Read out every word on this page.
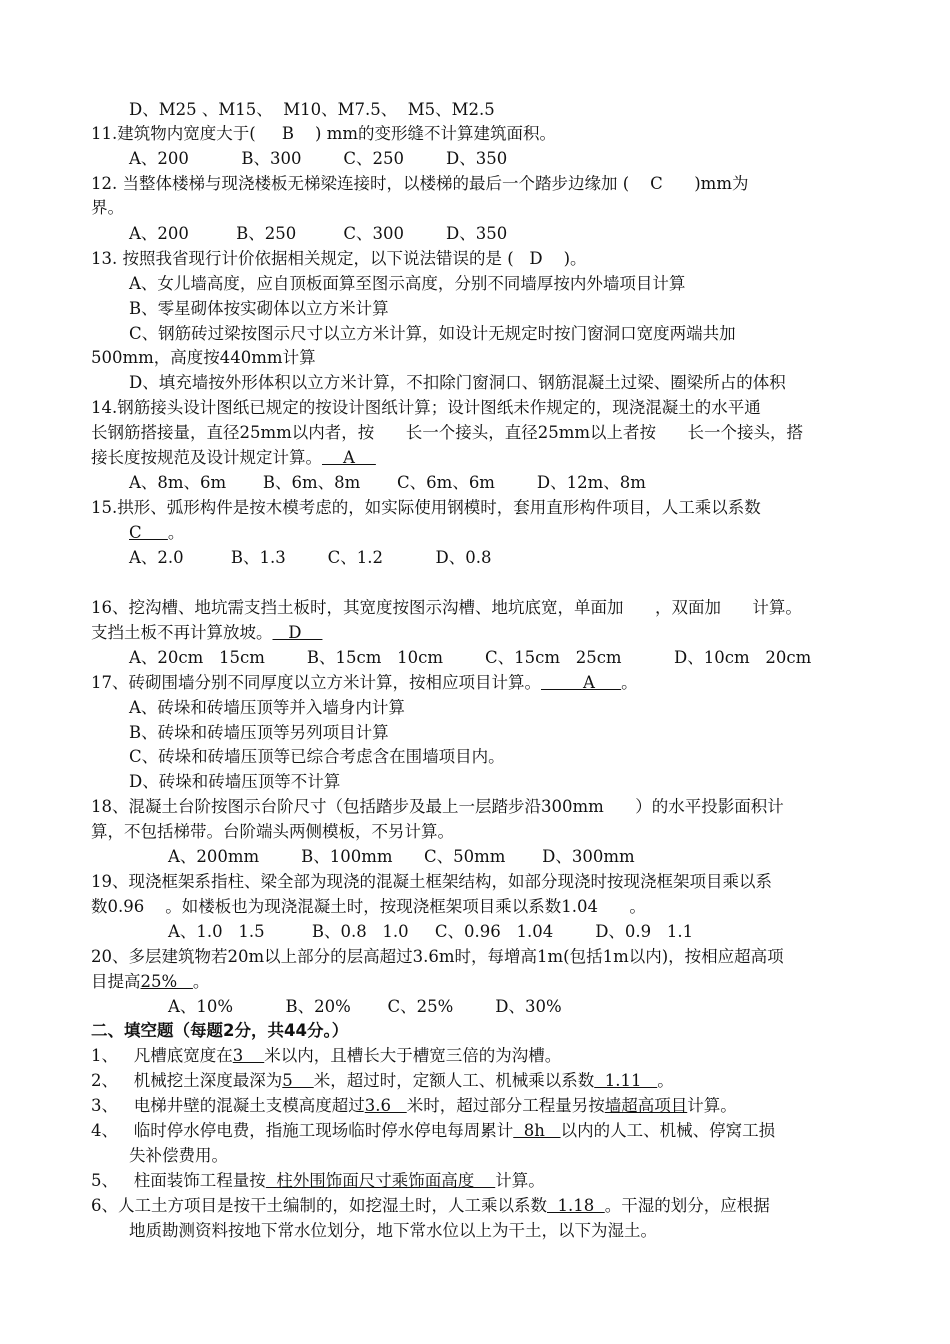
D、M25 、M15、  M10、M7.5、  M5、M2.5
11.建筑物内宽度大于(     B    ) mm的变形缝不计算建筑面积。
A、200          B、300        C、250        D、350
12. 当整体楼梯与现浇楼板无梯梁连接时，以楼梯的最后一个踏步边缘加 (    C      )mm为
界。
A、200         B、250         C、300        D、350
13. 按照我省现行计价依据相关规定，以下说法错误的是 (   D    )。
A、女儿墙高度，应自顶板面算至图示高度，分别不同墙厚按内外墙项目计算
B、零星砌体按实砌体以立方米计算
C、钢筋砖过梁按图示尺寸以立方米计算，如设计无规定时按门窗洞口宽度两端共加
500mm，高度按440mm计算
D、填充墙按外形体积以立方米计算，不扣除门窗洞口、钢筋混凝土过梁、圈梁所占的体积
14.钢筋接头设计图纸已规定的按设计图纸计算；设计图纸未作规定的，现浇混凝土的水平通
长钢筋搭接量，直径25mm以内者，按      长一个接头，直径25mm以上者按      长一个接头，搭
接长度按规范及设计规定计算。    A
A、8m、6m       B、6m、8m       C、6m、6m        D、12m、8m
15.拱形、弧形构件是按木模考虑的，如实际使用钢模时，套用直形构件项目，人工乘以系数
C     。
A、2.0         B、1.3        C、1.2          D、0.8
16、挖沟槽、地坑需支挡土板时，其宽度按图示沟槽、地坑底宽，单面加      ，双面加      计算。
支挡土板不再计算放坡。   D
A、20cm   15cm        B、15cm   10cm        C、15cm   25cm          D、10cm   20cm
17、砖砌围墙分别不同厚度以立方米计算，按相应项目计算。        A     。
A、砖垛和砖墙压顶等并入墙身内计算
B、砖垛和砖墙压顶等另列项目计算
C、砖垛和砖墙压顶等已综合考虑含在围墙项目内。
D、砖垛和砖墙压顶等不计算
18、混凝土台阶按图示台阶尺寸（包括踏步及最上一层踏步沿300mm      ）的水平投影面积计
算，不包括梯带。台阶端头两侧模板，不另计算。
A、200mm        B、100mm      C、50mm       D、300mm
19、现浇框架系指柱、梁全部为现浇的混凝土框架结构，如部分现浇时按现浇框架项目乘以系
数0.96    。如楼板也为现浇混凝土时，按现浇框架项目乘以系数1.04      。
A、1.0   1.5         B、0.8   1.0     C、0.96   1.04        D、0.9   1.1
20、多层建筑物若20m以上部分的层高超过3.6m时，每增高1m(包括1m以内)，按相应超高项
目提高25%   。
A、10%          B、20%       C、25%        D、30%
二、填空题（每题2分，共44分。）
1、   凡槽底宽度在3    米以内，且槽长大于槽宽三倍的为沟槽。
2、   机械挖土深度最深为5    米，超过时，定额人工、机械乘以系数  1.11   。
3、   电梯井壁的混凝土支模高度超过3.6   米时，超过部分工程量另按墙超高项目计算。
4、   临时停水停电费，指施工现场临时停水停电每周累计  8h   以内的人工、机械、停窝工损
失补偿费用。
5、   柱面装饰工程量按  柱外围饰面尺寸乘饰面高度    计算。
6、人工土方项目是按干土编制的，如挖湿土时，人工乘以系数  1.18  。干湿的划分，应根据
地质勘测资料按地下常水位划分，地下常水位以上为干土，以下为湿土。
